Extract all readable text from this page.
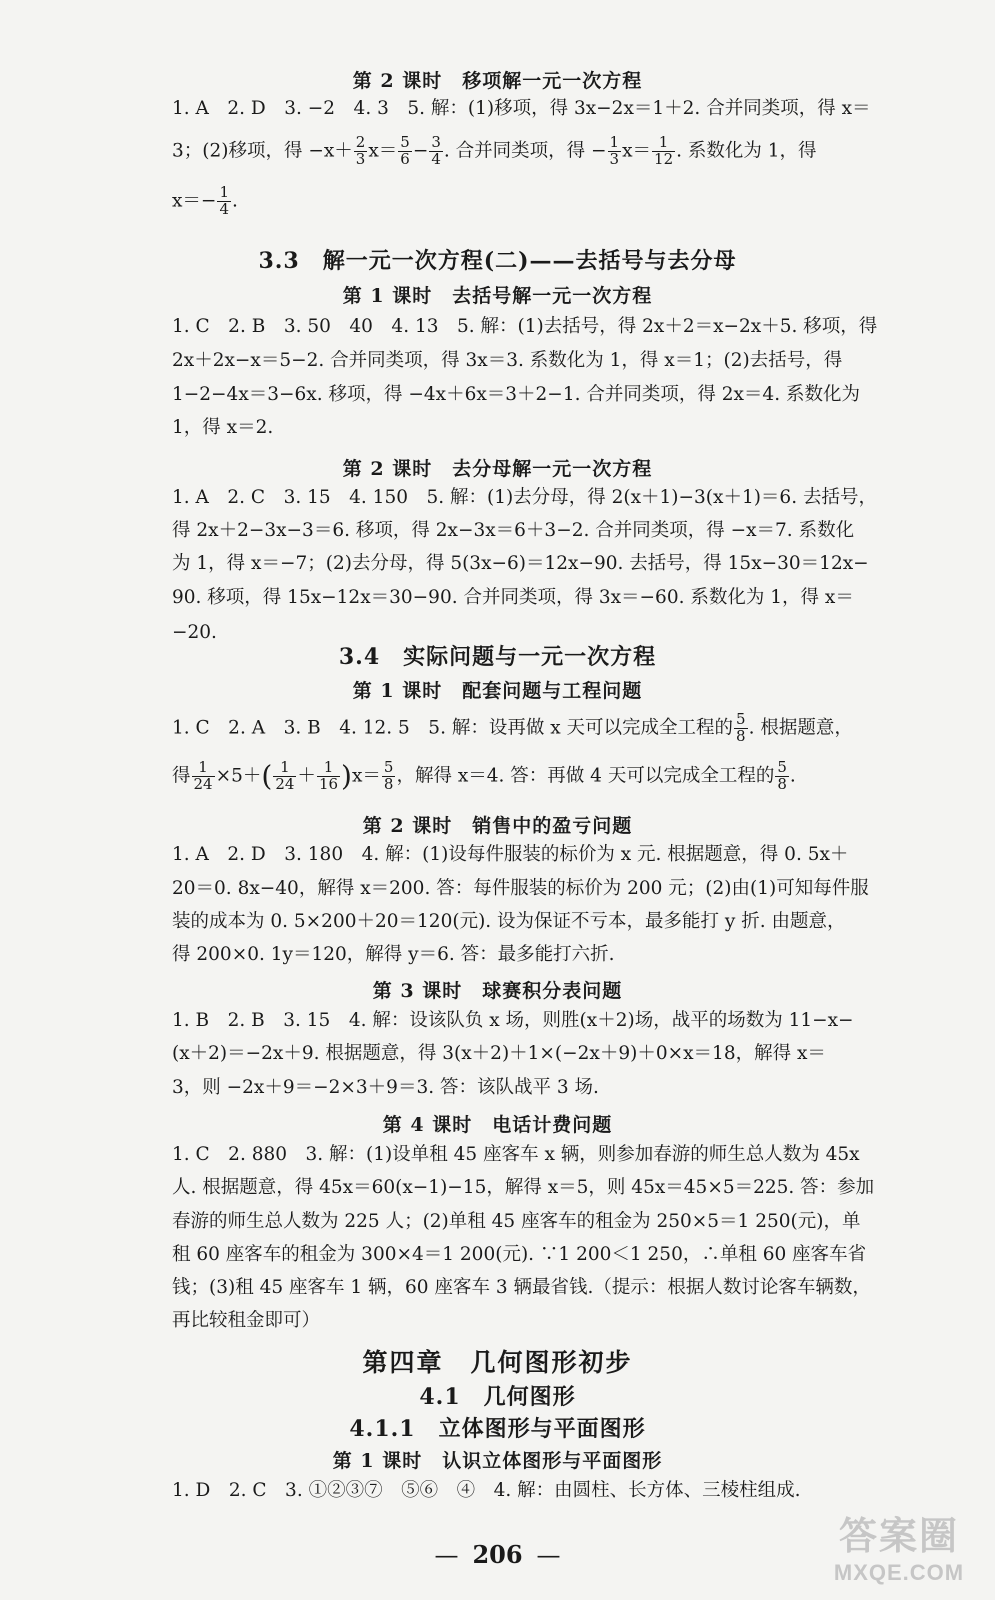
第 2 课时　移项解一元一次方程
1. A　2. D　3. −2　4. 3　5. 解：(1)移项，得 3x−2x＝1＋2. 合并同类项，得 x＝
3；(2)移项，得 $-x+ \frac{2}{3} x= \frac{5}{6} - \frac{3}{4}$ . 合并同类项，得 − $\frac{1}{3} x= \frac{1}{12}$ . 系数化为 1，得
$x=- \frac{1}{4}$ .
3.3　解一元一次方程(二)——去括号与去分母
第 1 课时　去括号解一元一次方程
1. C　2. B　3. 50　40　4. 13　5. 解：(1)去括号，得 2x＋2＝x−2x＋5. 移项，得
2x＋2x−x＝5−2. 合并同类项，得 3x＝3. 系数化为 1，得 x＝1；(2)去括号，得
1−2−4x＝3−6x. 移项，得 −4x＋6x＝3＋2−1. 合并同类项，得 2x＝4. 系数化为
1，得 x＝2.
第 2 课时　去分母解一元一次方程
1. A　2. C　3. 15　4. 150　5. 解：(1)去分母，得 2(x＋1)−3(x＋1)＝6. 去括号，
得 2x＋2−3x−3＝6. 移项，得 2x−3x＝6＋3−2. 合并同类项，得 −x＝7. 系数化
为 1，得 x＝−7；(2)去分母，得 5(3x−6)＝12x−90. 去括号，得 15x−30＝12x−
90. 移项，得 15x−12x＝30−90. 合并同类项，得 3x＝−60. 系数化为 1，得 x＝
−20.
3.4　实际问题与一元一次方程
第 1 课时　配套问题与工程问题
1. C　2. A　3. B　4. 12. 5　5. 解：设再做 x 天可以完成全工程的 $\frac{5}{8}$ . 根据题意，
得 $\frac{1}{24} \times 5+( \frac{1}{24} + \frac{1}{16} )x= \frac{5}{8}$ ，解得 x＝4. 答：再做 4 天可以完成全工程的 $\frac{5}{8}$ .
第 2 课时　销售中的盈亏问题
1. A　2. D　3. 180　4. 解：(1)设每件服装的标价为 x 元. 根据题意，得 0. 5x＋
20＝0. 8x−40，解得 x＝200. 答：每件服装的标价为 200 元；(2)由(1)可知每件服
装的成本为 0. 5×200＋20＝120(元). 设为保证不亏本，最多能打 y 折. 由题意，
得 200×0. 1y＝120，解得 y＝6. 答：最多能打六折.
第 3 课时　球赛积分表问题
1. B　2. B　3. 15　4. 解：设该队负 x 场，则胜(x＋2)场，战平的场数为 11−x−
(x＋2)＝−2x＋9. 根据题意，得 3(x＋2)＋1×(−2x＋9)＋0×x＝18，解得 x＝
3，则 −2x＋9＝−2×3＋9＝3. 答：该队战平 3 场.
第 4 课时　电话计费问题
1. C　2. 880　3. 解：(1)设单租 45 座客车 x 辆，则参加春游的师生总人数为 45x
人. 根据题意，得 45x＝60(x−1)−15，解得 x＝5，则 45x＝45×5＝225. 答：参加
春游的师生总人数为 225 人；(2)单租 45 座客车的租金为 250×5＝1 250(元)，单
租 60 座客车的租金为 300×4＝1 200(元). ∵1 200＜1 250，∴单租 60 座客车省
钱；(3)租 45 座客车 1 辆，60 座客车 3 辆最省钱.（提示：根据人数讨论客车辆数，
再比较租金即可）
第四章　几何图形初步
4.1　几何图形
4.1.1　立体图形与平面图形
第 1 课时　认识立体图形与平面图形
1. D　2. C　3. ①②③⑦　⑤⑥　④　4. 解：由圆柱、长方体、三棱柱组成.
— 206 —	答案圈
MXQE.COM
